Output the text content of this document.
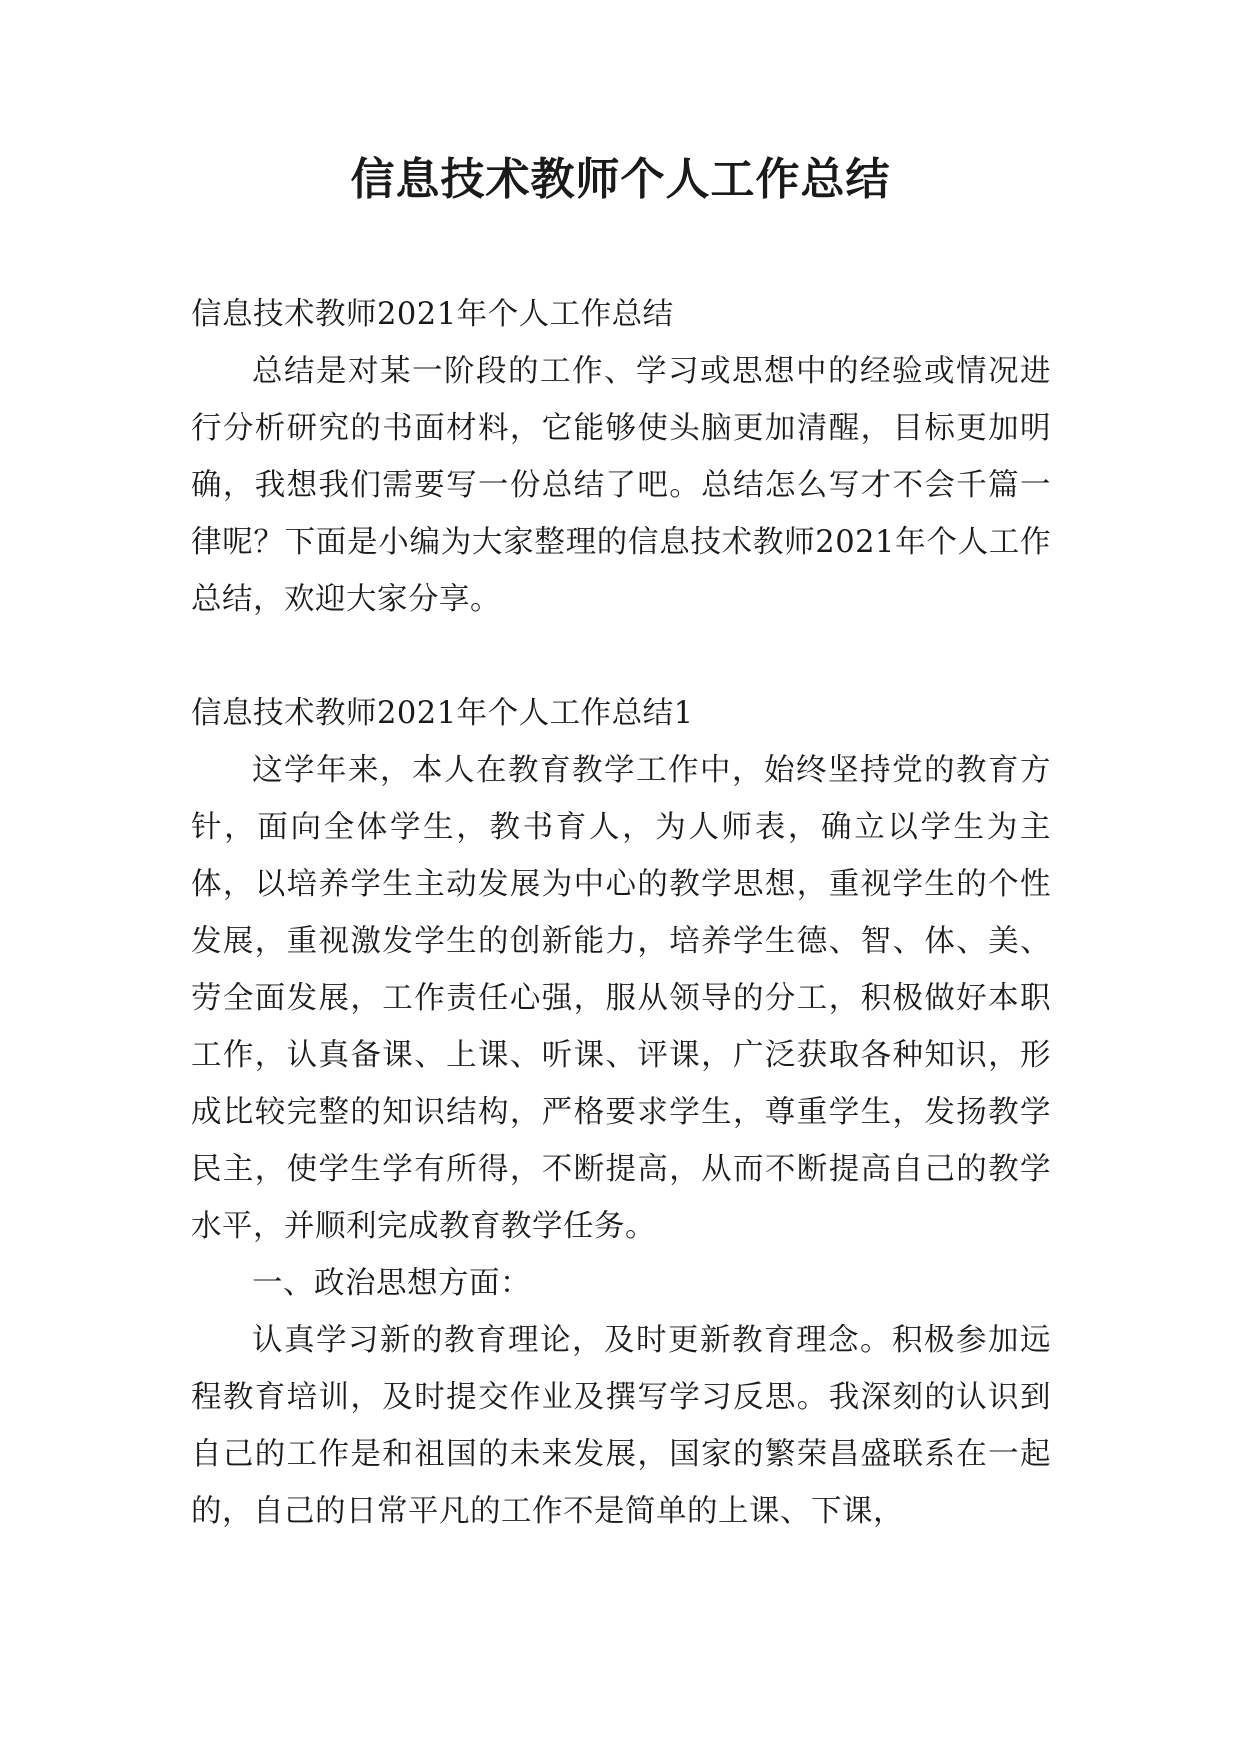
信息技术教师个人工作总结

信息技术教师2021年个人工作总结

总结是对某一阶段的工作、学习或思想中的经验或情况进行分析研究的书面材料，它能够使头脑更加清醒，目标更加明确，我想我们需要写一份总结了吧。总结怎么写才不会千篇一律呢？下面是小编为大家整理的信息技术教师2021年个人工作总结，欢迎大家分享。

信息技术教师2021年个人工作总结1

这学年来，本人在教育教学工作中，始终坚持党的教育方针，面向全体学生，教书育人，为人师表，确立以学生为主体，以培养学生主动发展为中心的教学思想，重视学生的个性发展，重视激发学生的创新能力，培养学生德、智、体、美、劳全面发展，工作责任心强，服从领导的分工，积极做好本职工作，认真备课、上课、听课、评课，广泛获取各种知识，形成比较完整的知识结构，严格要求学生，尊重学生，发扬教学民主，使学生学有所得，不断提高，从而不断提高自己的教学水平，并顺利完成教育教学任务。

一、政治思想方面：

认真学习新的教育理论，及时更新教育理念。积极参加远程教育培训，及时提交作业及撰写学习反思。我深刻的认识到自己的工作是和祖国的未来发展，国家的繁荣昌盛联系在一起的，自己的日常平凡的工作不是简单的上课、下课，
